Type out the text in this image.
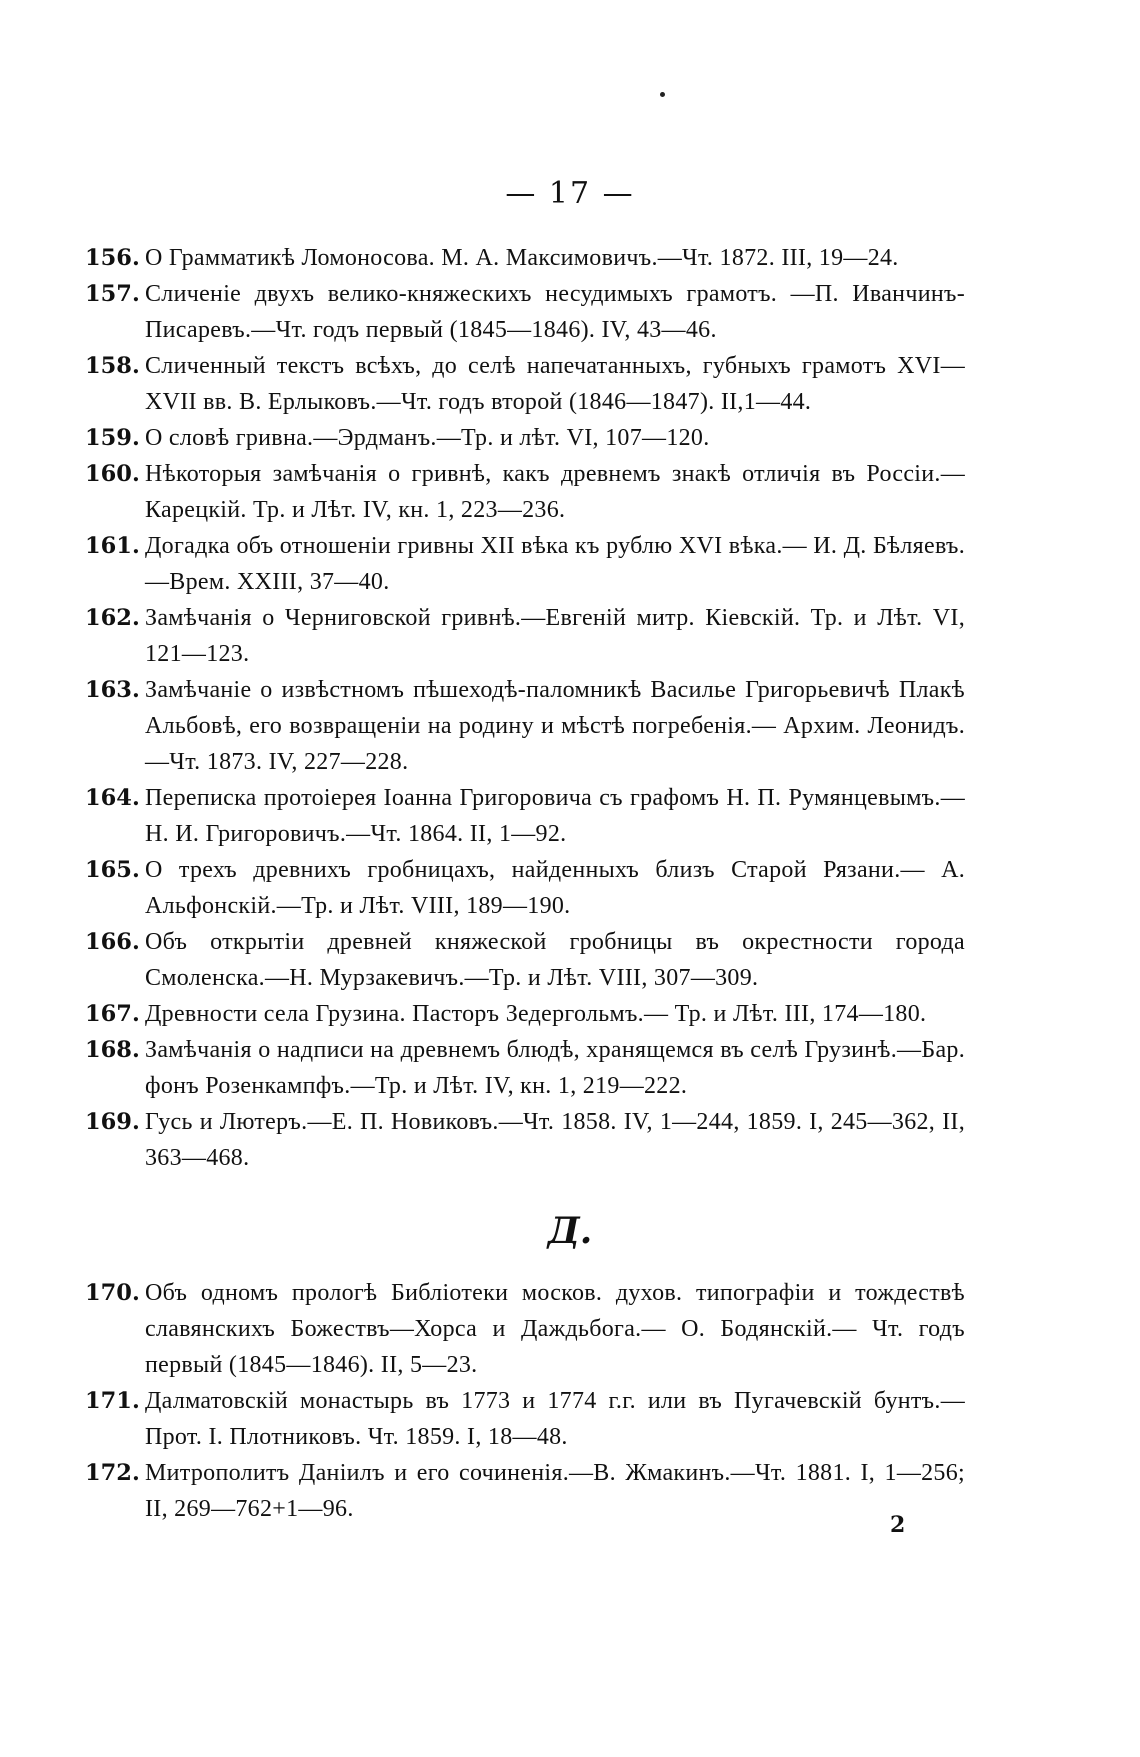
— 17 —
156. О Грамматикѣ Ломоносова. М. А. Максимовичъ.—Чт. 1872. III, 19—24.
157. Сличеніе двухъ велико-княжескихъ несудимыхъ грамотъ. —П. Иванчинъ-Писаревъ.—Чт. годъ первый (1845—1846). IV, 43—46.
158. Сличенный текстъ всѣхъ, до селѣ напечатанныхъ, губныхъ грамотъ XVI—XVII вв. В. Ерлыковъ.—Чт. годъ второй (1846—1847). II,1—44.
159. О словѣ гривна.—Эрдманъ.—Тр. и лѣт. VI, 107—120.
160. Нѣкоторыя замѣчанія о гривнѣ, какъ древнемъ знакѣ отличія въ Россіи.—Карецкій. Тр. и Лѣт. IV, кн. 1, 223—236.
161. Догадка объ отношеніи гривны XII вѣка къ рублю XVI вѣка.— И. Д. Бѣляевъ.—Врем. XXIII, 37—40.
162. Замѣчанія о Черниговской гривнѣ.—Евгеній митр. Кіевскій. Тр. и Лѣт. VI, 121—123.
163. Замѣчаніе о извѣстномъ пѣшеходѣ-паломникѣ Василье Григорьевичѣ Плакѣ Альбовѣ, его возвращеніи на родину и мѣстѣ погребенія.— Архим. Леонидъ.—Чт. 1873. IV, 227—228.
164. Переписка протоіерея Іоанна Григоровича съ графомъ Н. П. Румянцевымъ.—Н. И. Григоровичъ.—Чт. 1864. II, 1—92.
165. О трехъ древнихъ гробницахъ, найденныхъ близъ Старой Рязани.— А. Альфонскій.—Тр. и Лѣт. VIII, 189—190.
166. Объ открытіи древней княжеской гробницы въ окрестности города Смоленска.—Н. Мурзакевичъ.—Тр. и Лѣт. VIII, 307—309.
167. Древности села Грузина. Пасторъ Зедергольмъ.— Тр. и Лѣт. III, 174—180.
168. Замѣчанія о надписи на древнемъ блюдѣ, хранящемся въ селѣ Грузинѣ.—Бар. фонъ Розенкампфъ.—Тр. и Лѣт. IV, кн. 1, 219—222.
169. Гусь и Лютеръ.—Е. П. Новиковъ.—Чт. 1858. IV, 1—244, 1859. I, 245—362, II, 363—468.
Д.
170. Объ одномъ прологѣ Библіотеки москов. духов. типографіи и тождествѣ славянскихъ Божествъ—Хорса и Даждьбога.— О. Бодянскій.— Чт. годъ первый (1845—1846). II, 5—23.
171. Далматовскій монастырь въ 1773 и 1774 г.г. или въ Пугачевскій бунтъ.—Прот. І. Плотниковъ. Чт. 1859. I, 18—48.
172. Митрополитъ Даніилъ и его сочиненія.—В. Жмакинъ.—Чт. 1881. I, 1—256; II, 269—762+1—96.
2
